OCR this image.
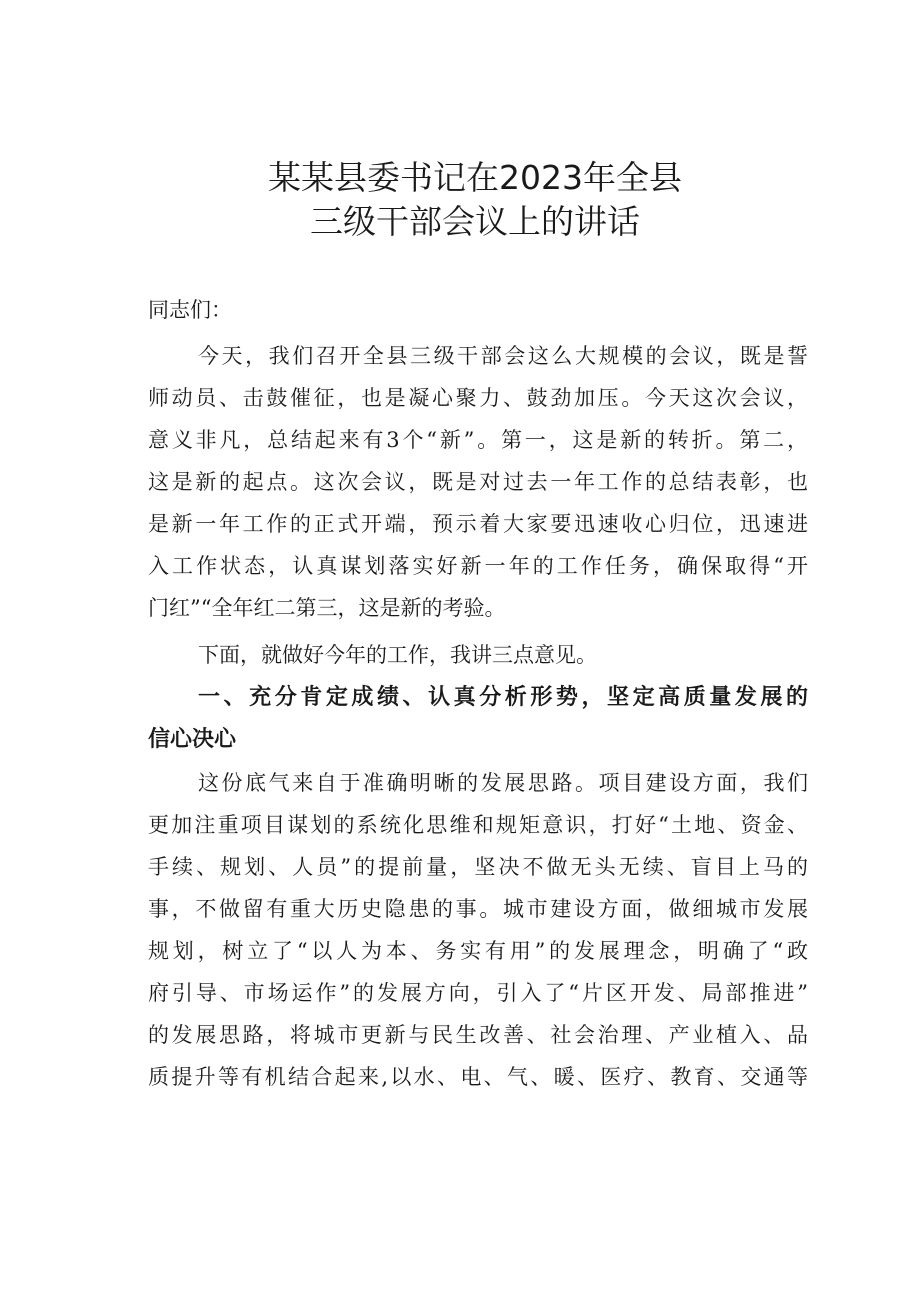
某某县委书记在2023年全县
三级干部会议上的讲话
同志们：
今天，我们召开全县三级干部会这么大规模的会议，既是誓
师动员、击鼓催征，也是凝心聚力、鼓劲加压。今天这次会议，
意义非凡，总结起来有3个“新”。第一，这是新的转折。第二，
这是新的起点。这次会议，既是对过去一年工作的总结表彰，也
是新一年工作的正式开端，预示着大家要迅速收心归位，迅速进
入工作状态，认真谋划落实好新一年的工作任务，确保取得“开
门红”“全年红二第三，这是新的考验。
下面，就做好今年的工作，我讲三点意见。
一、充分肯定成绩、认真分析形势，坚定高质量发展的
信心决心
这份底气来自于准确明晰的发展思路。项目建设方面，我们
更加注重项目谋划的系统化思维和规矩意识，打好“土地、资金、
手续、规划、人员”的提前量，坚决不做无头无续、盲目上马的
事，不做留有重大历史隐患的事。城市建设方面，做细城市发展
规划，树立了“以人为本、务实有用”的发展理念，明确了“政
府引导、市场运作”的发展方向，引入了“片区开发、局部推进”
的发展思路，将城市更新与民生改善、社会治理、产业植入、品
质提升等有机结合起来,以水、电、气、暖、医疗、教育、交通等
